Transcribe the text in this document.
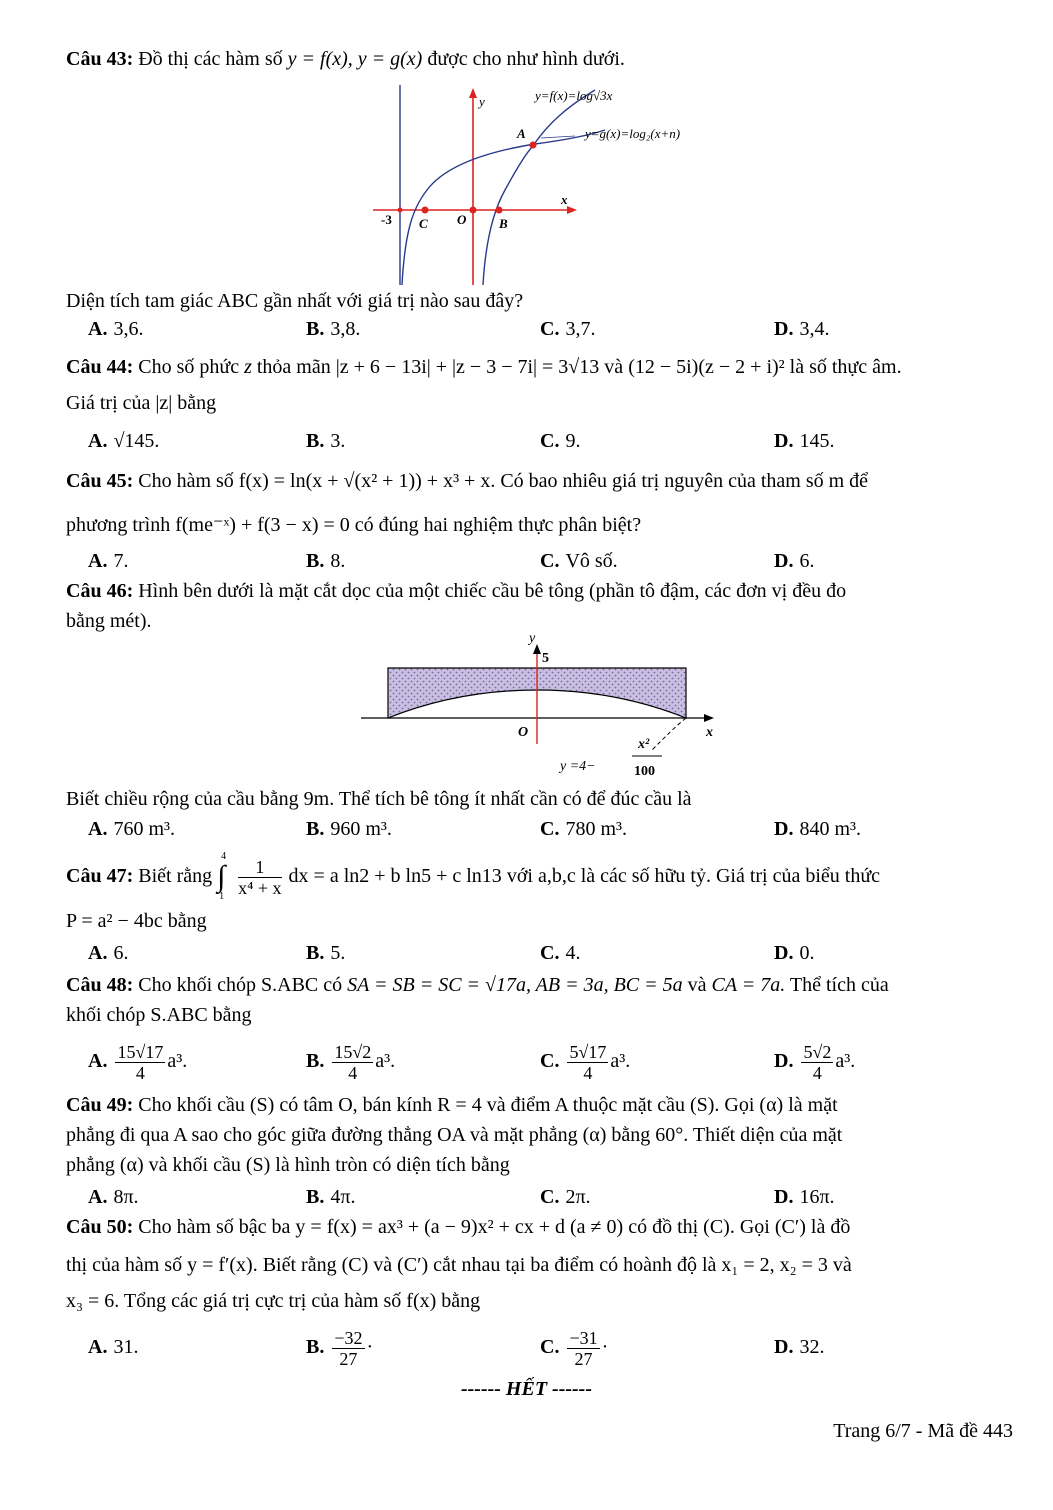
Câu 43: Đồ thị các hàm số y = f(x), y = g(x) được cho như hình dưới.
y
x
y=f(x)=log√3x
y=g(x)=log₂(x+n)
A
C O	B
-3
Diện tích tam giác ABC gần nhất với giá trị nào sau đây?
A. 3,6.	B. 3,8.	C. 3,7.	D. 3,4.
Câu 44: Cho số phức z thỏa mãn |z + 6 − 13i| + |z − 3 − 7i| = 3√13 và (12 − 5i)(z − 2 + i)² là số thực âm.
Giá trị của |z| bằng
A. √145.	B. 3.	C. 9.	D. 145.
Câu 45: Cho hàm số f(x) = ln(x + √(x² + 1)) + x³ + x. Có bao nhiêu giá trị nguyên của tham số m để
phương trình f(me⁻ˣ) + f(3 − x) = 0 có đúng hai nghiệm thực phân biệt?
A. 7.	B. 8.	C. Vô số.	D. 6.
Câu 46: Hình bên dưới là mặt cắt dọc của một chiếc cầu bê tông (phần tô đậm, các đơn vị đều đo
bằng mét).
y
5
O	x
y =4−
x²
100
Biết chiều rộng của cầu bằng 9m. Thể tích bê tông ít nhất cần có để đúc cầu là
A. 760 m³.	B. 960 m³.	C. 780 m³.	D. 840 m³.
Câu 47: Biết rằng
4
∫
1
$\frac{1}{\text{x⁴ + x}}$ dx = a ln2 + b ln5 + c ln13 với a,b,c là các số hữu tỷ. Giá trị của biểu thức
P = a² − 4bc bằng
A. 6.	B. 5.	C. 4.	D. 0.
Câu 48: Cho khối chóp S.ABC có SA = SB = SC = √17a, AB = 3a, BC = 5a và CA = 7a. Thể tích của
khối chóp S.ABC bằng
A. $\frac{15√17}{4} a^3$.	B. $\frac{15√2}{4} a^3$.	C. $\frac{5√17}{4} a^3$.	D. $\frac{5√2}{4} a^3$.
Câu 49: Cho khối cầu (S) có tâm O, bán kính R = 4 và điểm A thuộc mặt cầu (S). Gọi (α) là mặt
phẳng đi qua A sao cho góc giữa đường thẳng OA và mặt phẳng (α) bằng 60°. Thiết diện của mặt
phẳng (α) và khối cầu (S) là hình tròn có diện tích bằng
A. 8π.	B. 4π.	C. 2π.	D. 16π.
Câu 50: Cho hàm số bậc ba y = f(x) = ax³ + (a − 9)x² + cx + d (a ≠ 0) có đồ thị (C). Gọi (C′) là đồ
thị của hàm số y = f′(x). Biết rằng (C) và (C′) cắt nhau tại ba điểm có hoành độ là x₁ = 2, x₂ = 3 và
x₃ = 6. Tổng các giá trị cực trị của hàm số f(x) bằng
A. 31.	B. $\frac{-32}{27}$ ·	C. $\frac{-31}{27}$ ·	D. 32.
------ HẾT ------
Trang 6/7 - Mã đề 443
